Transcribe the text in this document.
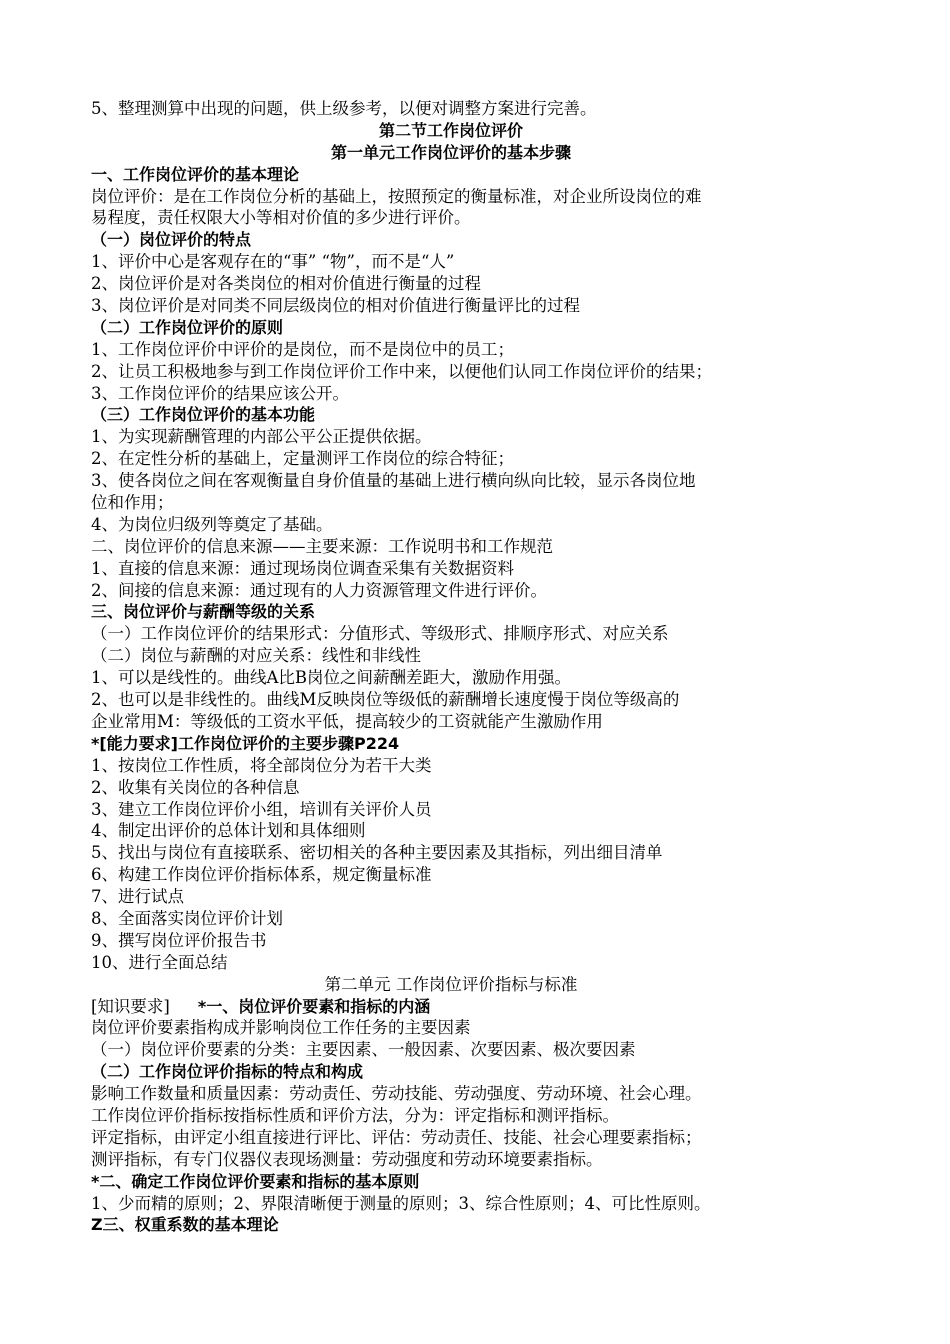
5、整理测算中出现的问题，供上级参考，以便对调整方案进行完善。
第二节工作岗位评价
第一单元工作岗位评价的基本步骤
一、工作岗位评价的基本理论
岗位评价：是在工作岗位分析的基础上，按照预定的衡量标准，对企业所设岗位的难
易程度，责任权限大小等相对价值的多少进行评价。
（一）岗位评价的特点
1、评价中心是客观存在的“事” “物”，而不是“人”
2、岗位评价是对各类岗位的相对价值进行衡量的过程
3、岗位评价是对同类不同层级岗位的相对价值进行衡量评比的过程
（二）工作岗位评价的原则
1、工作岗位评价中评价的是岗位，而不是岗位中的员工；
2、让员工积极地参与到工作岗位评价工作中来，以便他们认同工作岗位评价的结果；
3、工作岗位评价的结果应该公开。
（三）工作岗位评价的基本功能
1、为实现薪酬管理的内部公平公正提供依据。
2、在定性分析的基础上，定量测评工作岗位的综合特征；
3、使各岗位之间在客观衡量自身价值量的基础上进行横向纵向比较，显示各岗位地
位和作用；
4、为岗位归级列等奠定了基础。
二、岗位评价的信息来源——主要来源：工作说明书和工作规范
1、直接的信息来源：通过现场岗位调查采集有关数据资料
2、间接的信息来源：通过现有的人力资源管理文件进行评价。
三、岗位评价与薪酬等级的关系
（一）工作岗位评价的结果形式：分值形式、等级形式、排顺序形式、对应关系
（二）岗位与薪酬的对应关系：线性和非线性
1、可以是线性的。曲线A比B岗位之间薪酬差距大，激励作用强。
2、也可以是非线性的。曲线M反映岗位等级低的薪酬增长速度慢于岗位等级高的
企业常用M：等级低的工资水平低，提高较少的工资就能产生激励作用
*[能力要求]工作岗位评价的主要步骤P224
1、按岗位工作性质，将全部岗位分为若干大类
2、收集有关岗位的各种信息
3、建立工作岗位评价小组，培训有关评价人员
4、制定出评价的总体计划和具体细则
5、找出与岗位有直接联系、密切相关的各种主要因素及其指标，列出细目清单
6、构建工作岗位评价指标体系，规定衡量标准
7、进行试点
8、全面落实岗位评价计划
9、撰写岗位评价报告书
10、进行全面总结
第二单元 工作岗位评价指标与标准
[知识要求] *一、岗位评价要素和指标的内涵
岗位评价要素指构成并影响岗位工作任务的主要因素
（一）岗位评价要素的分类：主要因素、一般因素、次要因素、极次要因素
（二）工作岗位评价指标的特点和构成
影响工作数量和质量因素：劳动责任、劳动技能、劳动强度、劳动环境、社会心理。
工作岗位评价指标按指标性质和评价方法，分为：评定指标和测评指标。
评定指标，由评定小组直接进行评比、评估：劳动责任、技能、社会心理要素指标；
测评指标，有专门仪器仪表现场测量：劳动强度和劳动环境要素指标。
*二、确定工作岗位评价要素和指标的基本原则
1、少而精的原则；2、界限清晰便于测量的原则；3、综合性原则；4、可比性原则。
Z三、权重系数的基本理论
